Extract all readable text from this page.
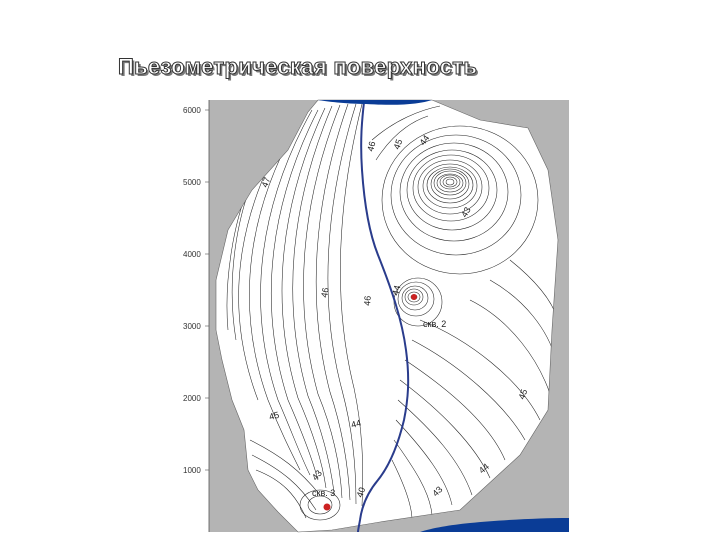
Пьезометрическая поверхность
6000
5000
4000
3000
2000
1000
46 45 44
47
43
44
46
46
45
45
44
44
43
43
40
скв. 2
скв. 3
